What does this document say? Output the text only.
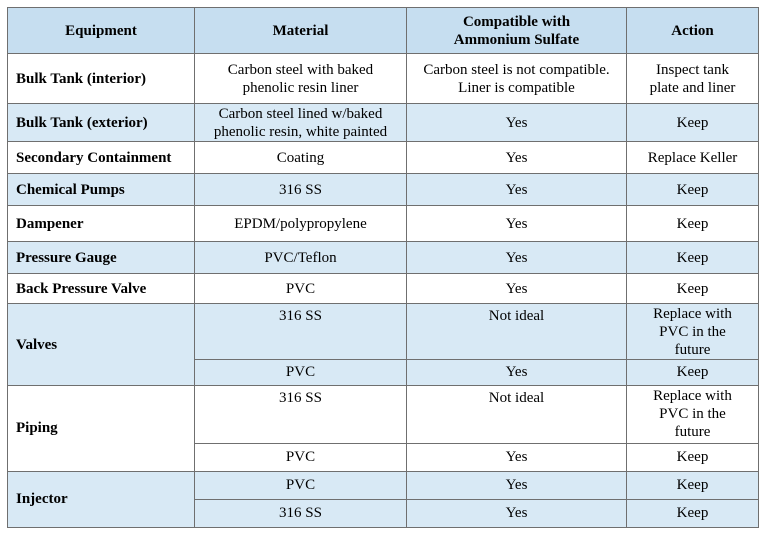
Equipment	Material	Compatible with Ammonium Sulfate	Action
Bulk Tank (interior)	Carbon steel with baked phenolic resin liner	Carbon steel is not compatible. Liner is compatible	Inspect tank plate and liner
Bulk Tank (exterior)	Carbon steel lined w/baked phenolic resin, white painted	Yes	Keep
Secondary Containment	Coating	Yes	Replace Keller
Chemical Pumps	316 SS	Yes	Keep
Dampener	EPDM/polypropylene	Yes	Keep
Pressure Gauge	PVC/Teflon	Yes	Keep
Back Pressure Valve	PVC	Yes	Keep
Valves	316 SS	Not ideal	Replace with PVC in the future
	PVC	Yes	Keep
Piping	316 SS	Not ideal	Replace with PVC in the future
	PVC	Yes	Keep
Injector	PVC	Yes	Keep
	316 SS	Yes	Keep
